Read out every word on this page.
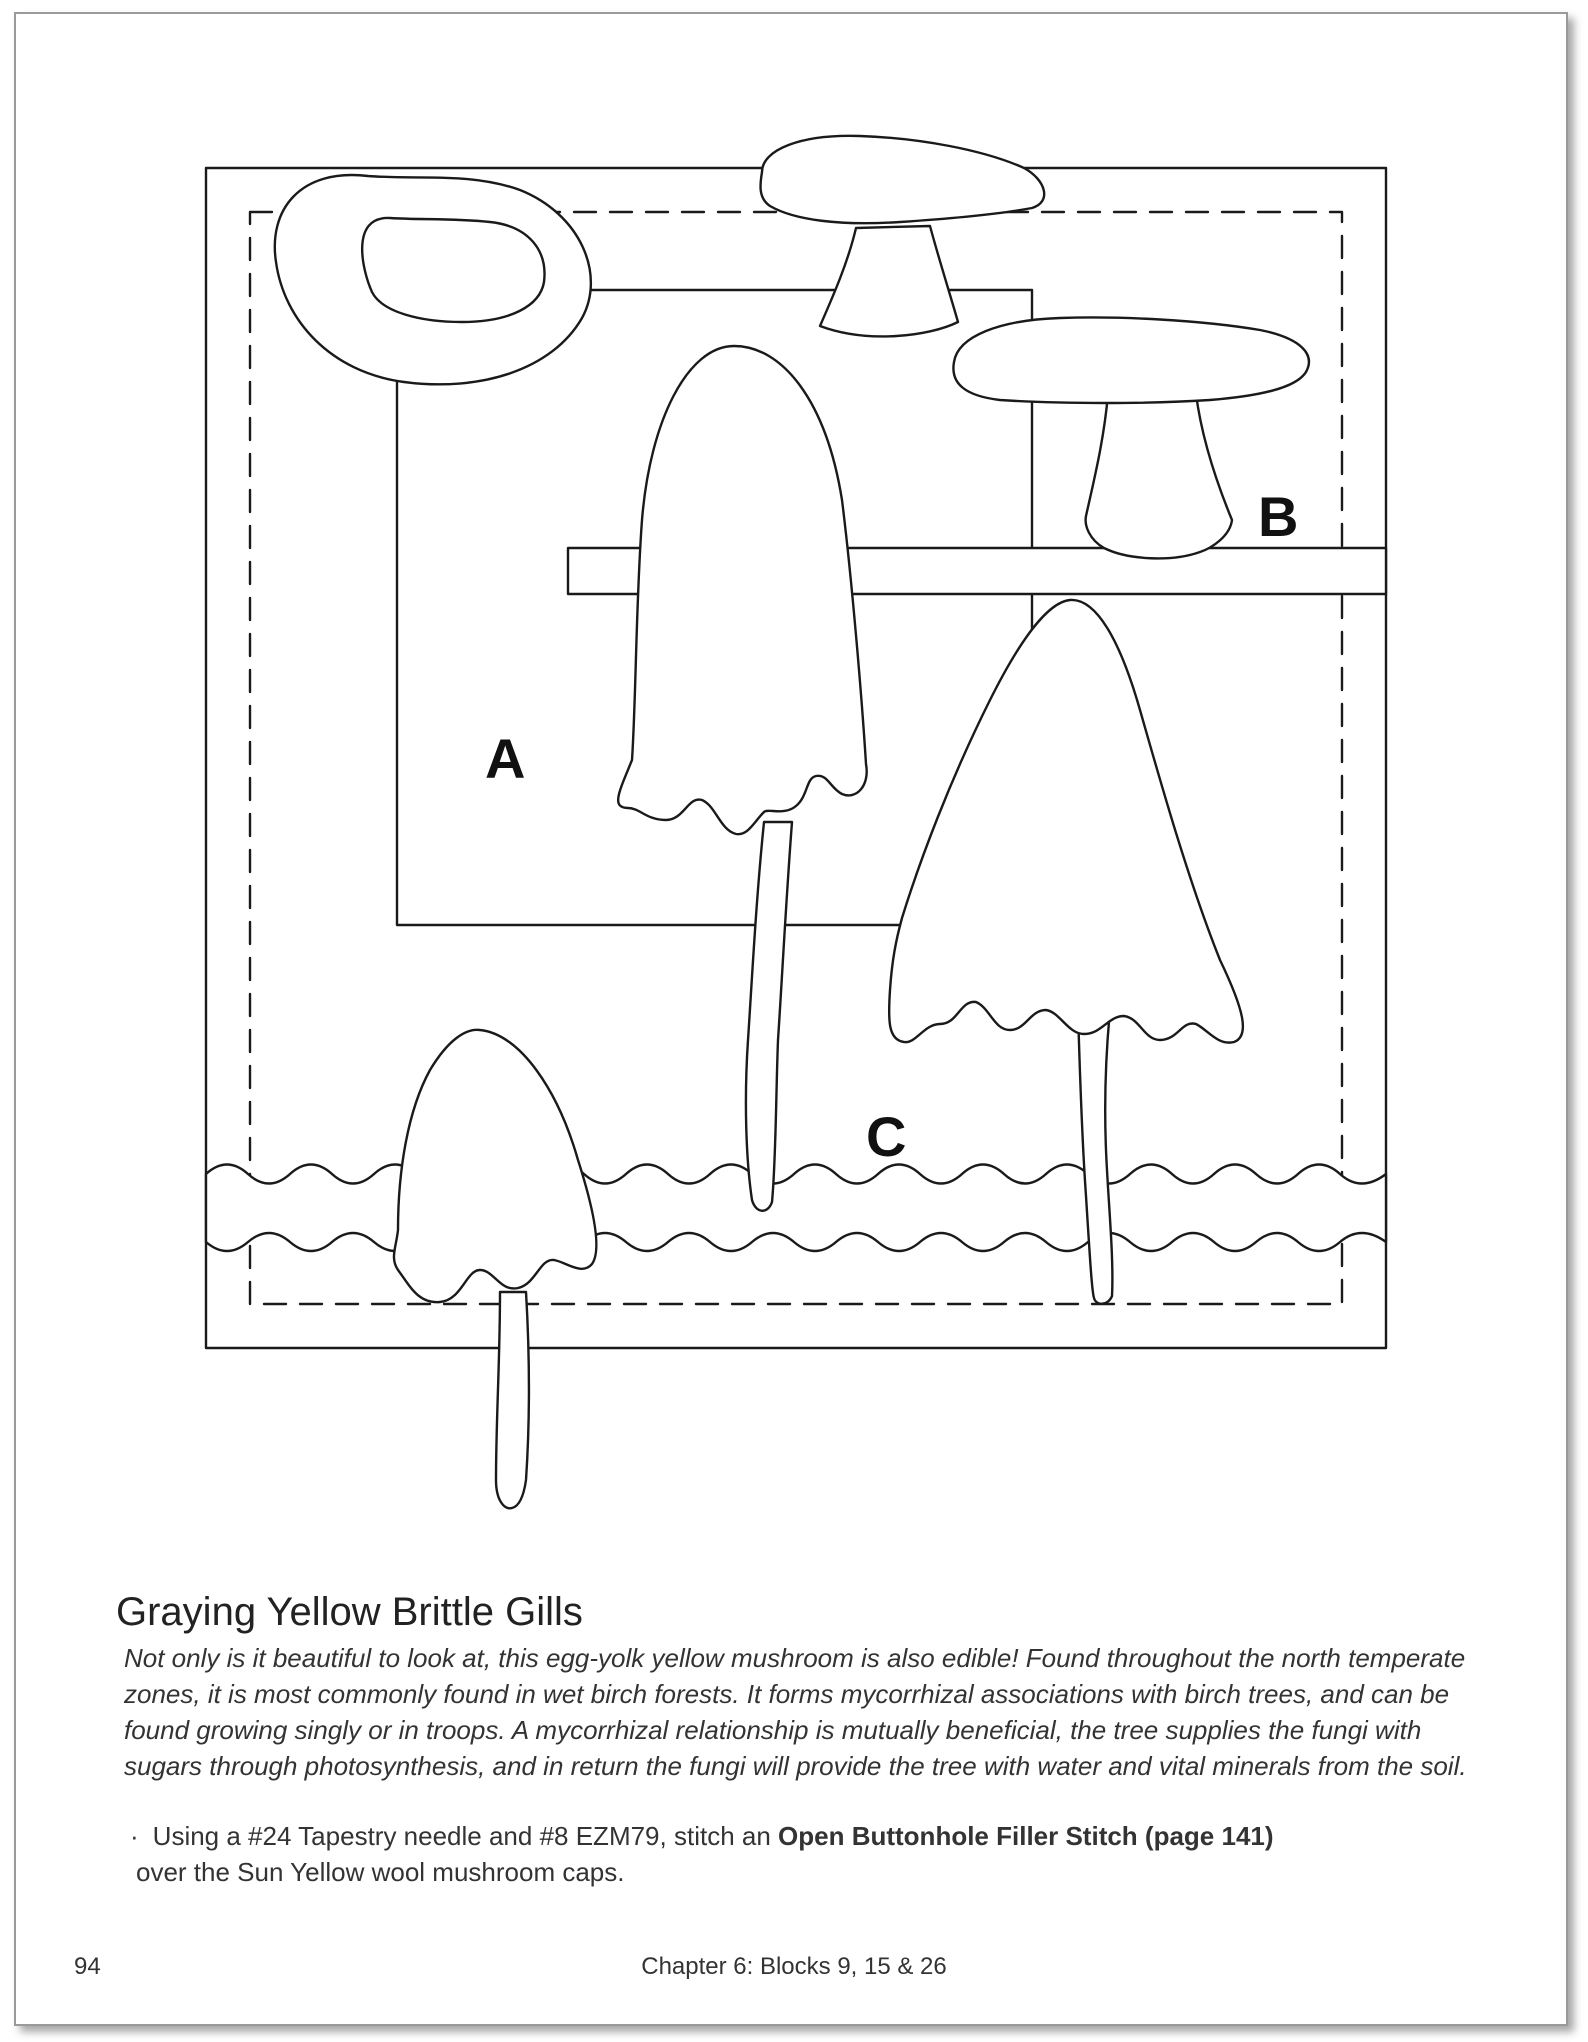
A
B
C
Graying Yellow Brittle Gills

Not only is it beautiful to look at, this egg-yolk yellow mushroom is also edible! Found throughout the north temperate zones, it is most commonly found in wet birch forests. It forms mycorrhizal associations with birch trees, and can be found growing singly or in troops. A mycorrhizal relationship is mutually beneficial, the tree supplies the fungi with sugars through photosynthesis, and in return the fungi will provide the tree with water and vital minerals from the soil.

· Using a #24 Tapestry needle and #8 EZM79, stitch an Open Buttonhole Filler Stitch (page 141)
over the Sun Yellow wool mushroom caps.

94	Chapter 6: Blocks 9, 15 & 26
